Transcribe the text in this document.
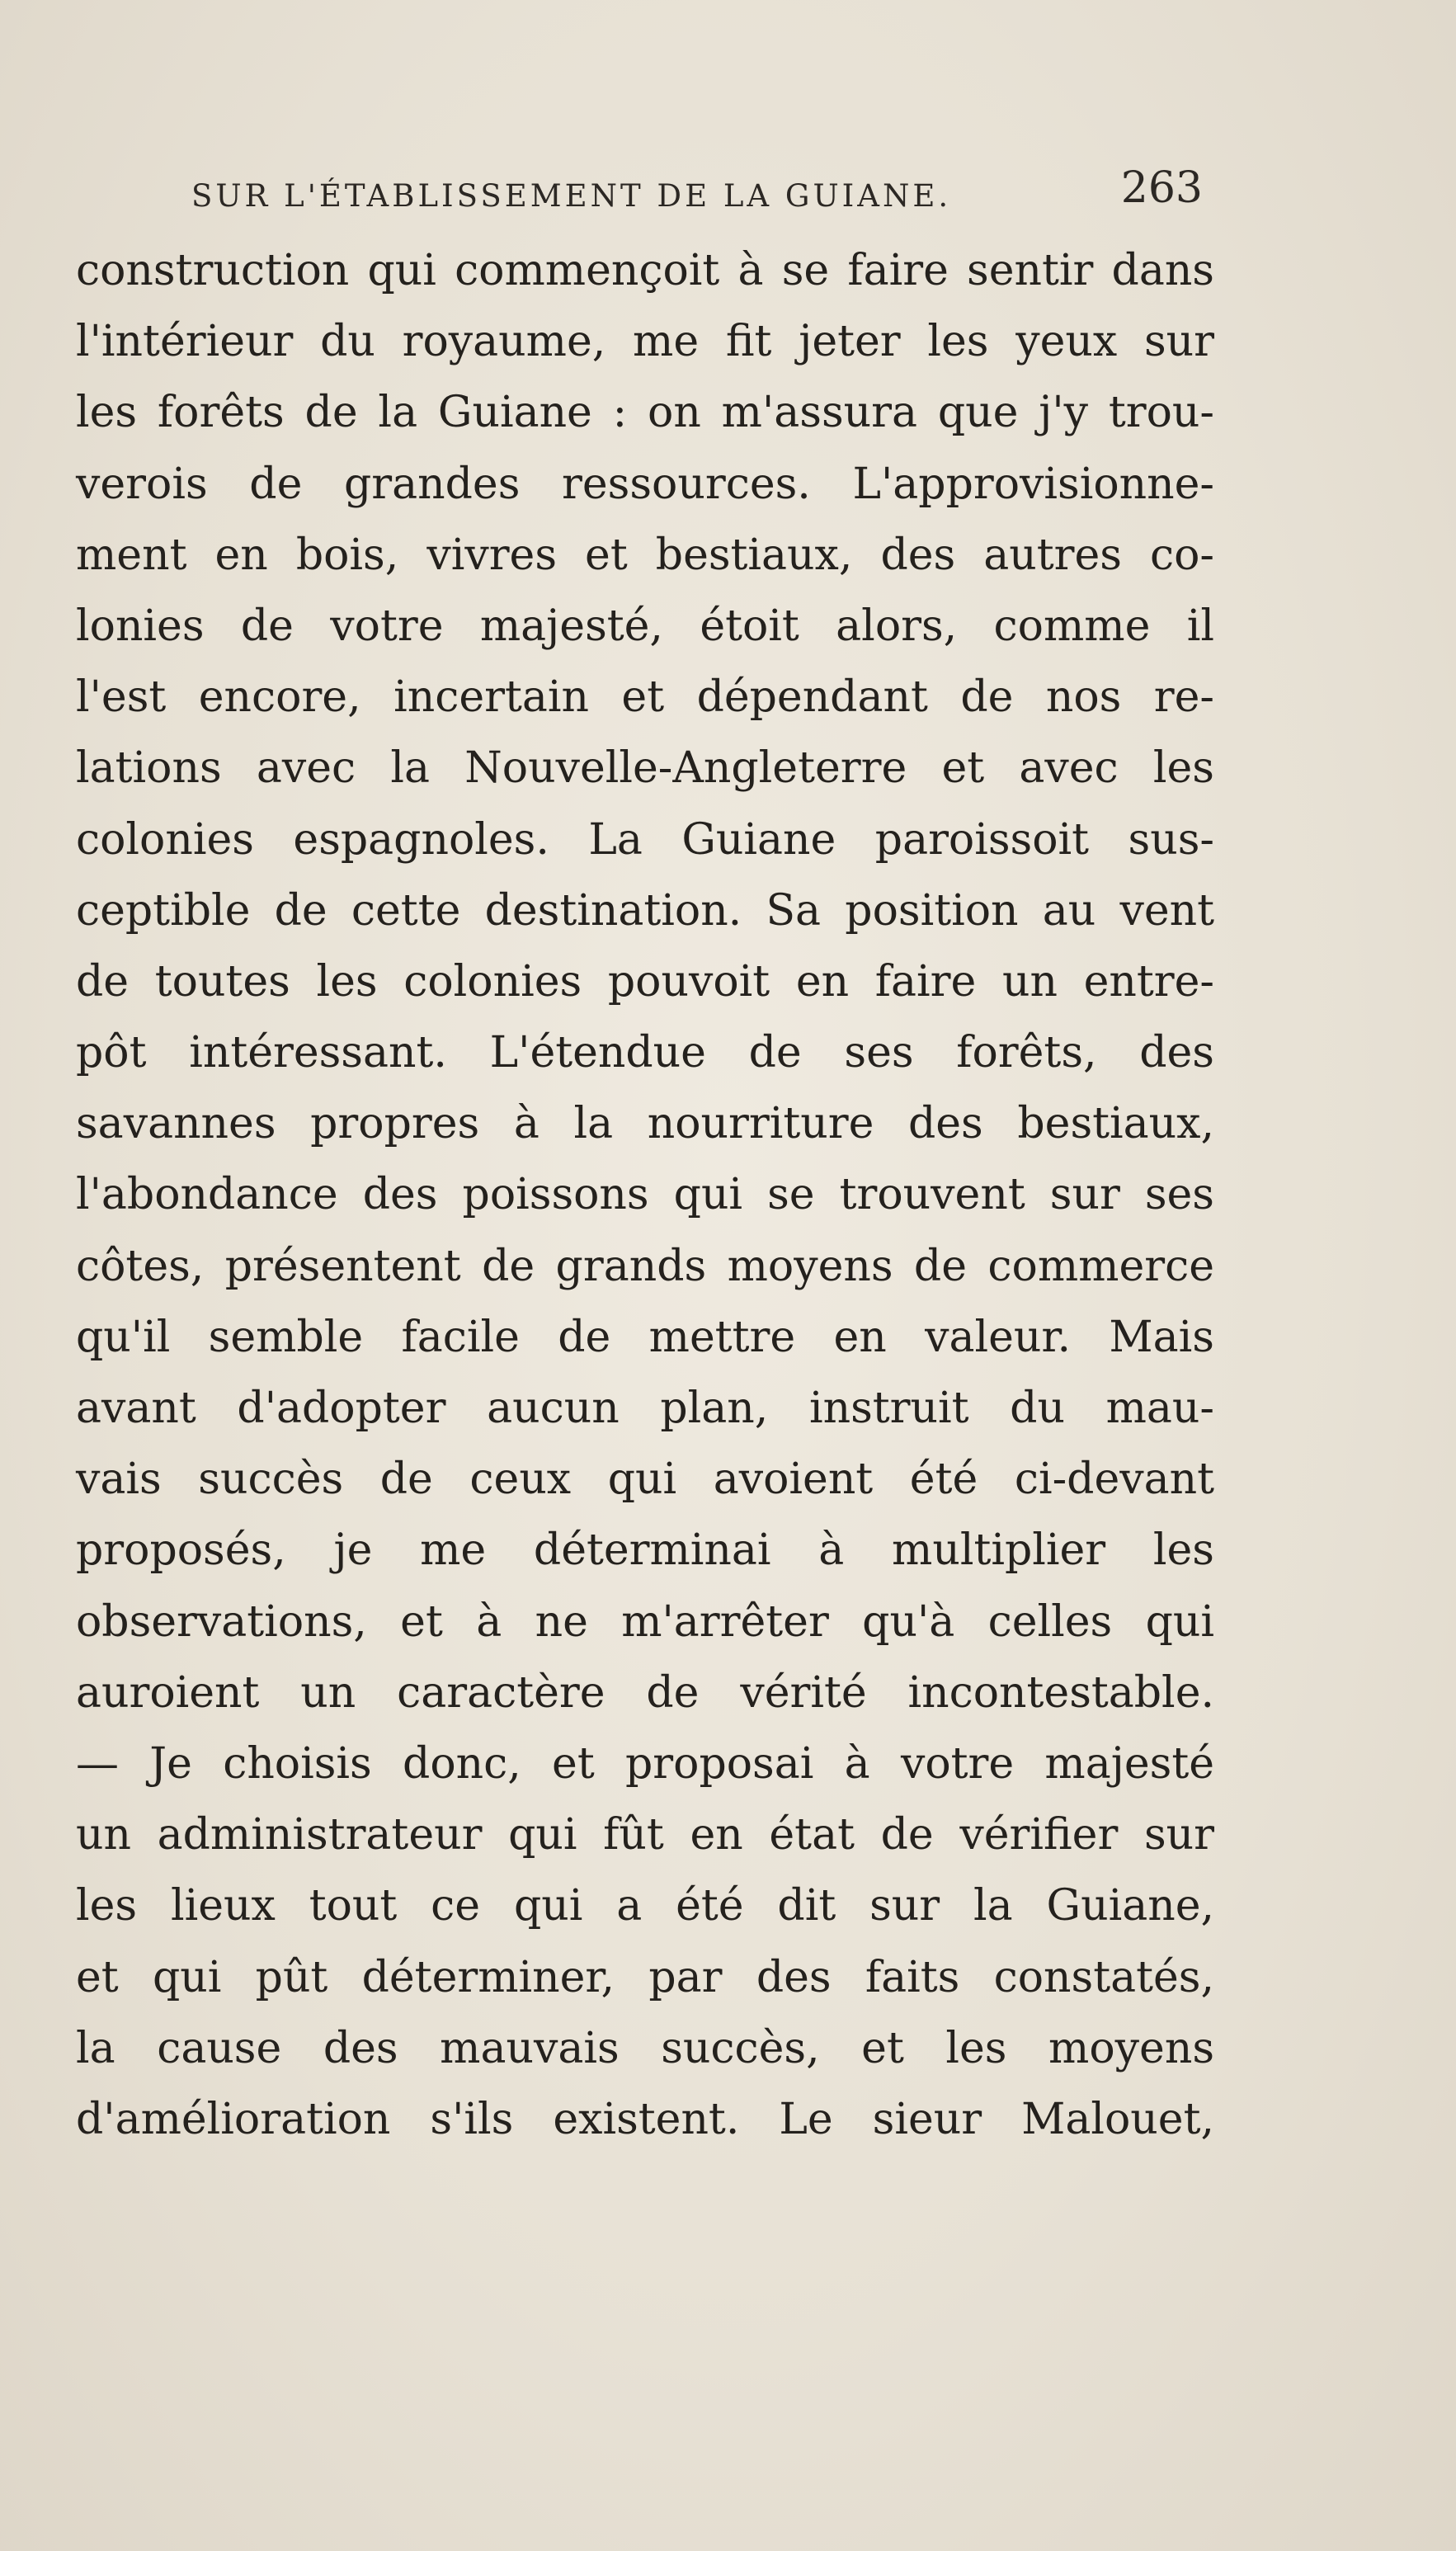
SUR L'ÉTABLISSEMENT DE LA GUIANE.	263
construction qui commençoit à se faire sentir dans
l'intérieur du royaume, me fit jeter les yeux sur
les forêts de la Guiane : on m'assura que j'y trou-
verois de grandes ressources. L'approvisionne-
ment en bois, vivres et bestiaux, des autres co-
lonies de votre majesté, étoit alors, comme il
l'est encore, incertain et dépendant de nos re-
lations avec la Nouvelle-Angleterre et avec les
colonies espagnoles. La Guiane paroissoit sus-
ceptible de cette destination. Sa position au vent
de toutes les colonies pouvoit en faire un entre-
pôt intéressant. L'étendue de ses forêts, des
savannes propres à la nourriture des bestiaux,
l'abondance des poissons qui se trouvent sur ses
côtes, présentent de grands moyens de commerce
qu'il semble facile de mettre en valeur. Mais
avant d'adopter aucun plan, instruit du mau-
vais succès de ceux qui avoient été ci-devant
proposés, je me déterminai à multiplier les
observations, et à ne m'arrêter qu'à celles qui
auroient un caractère de vérité incontestable.
— Je choisis donc, et proposai à votre majesté
un administrateur qui fût en état de vérifier sur
les lieux tout ce qui a été dit sur la Guiane,
et qui pût déterminer, par des faits constatés,
la cause des mauvais succès, et les moyens
d'amélioration s'ils existent. Le sieur Malouet,
